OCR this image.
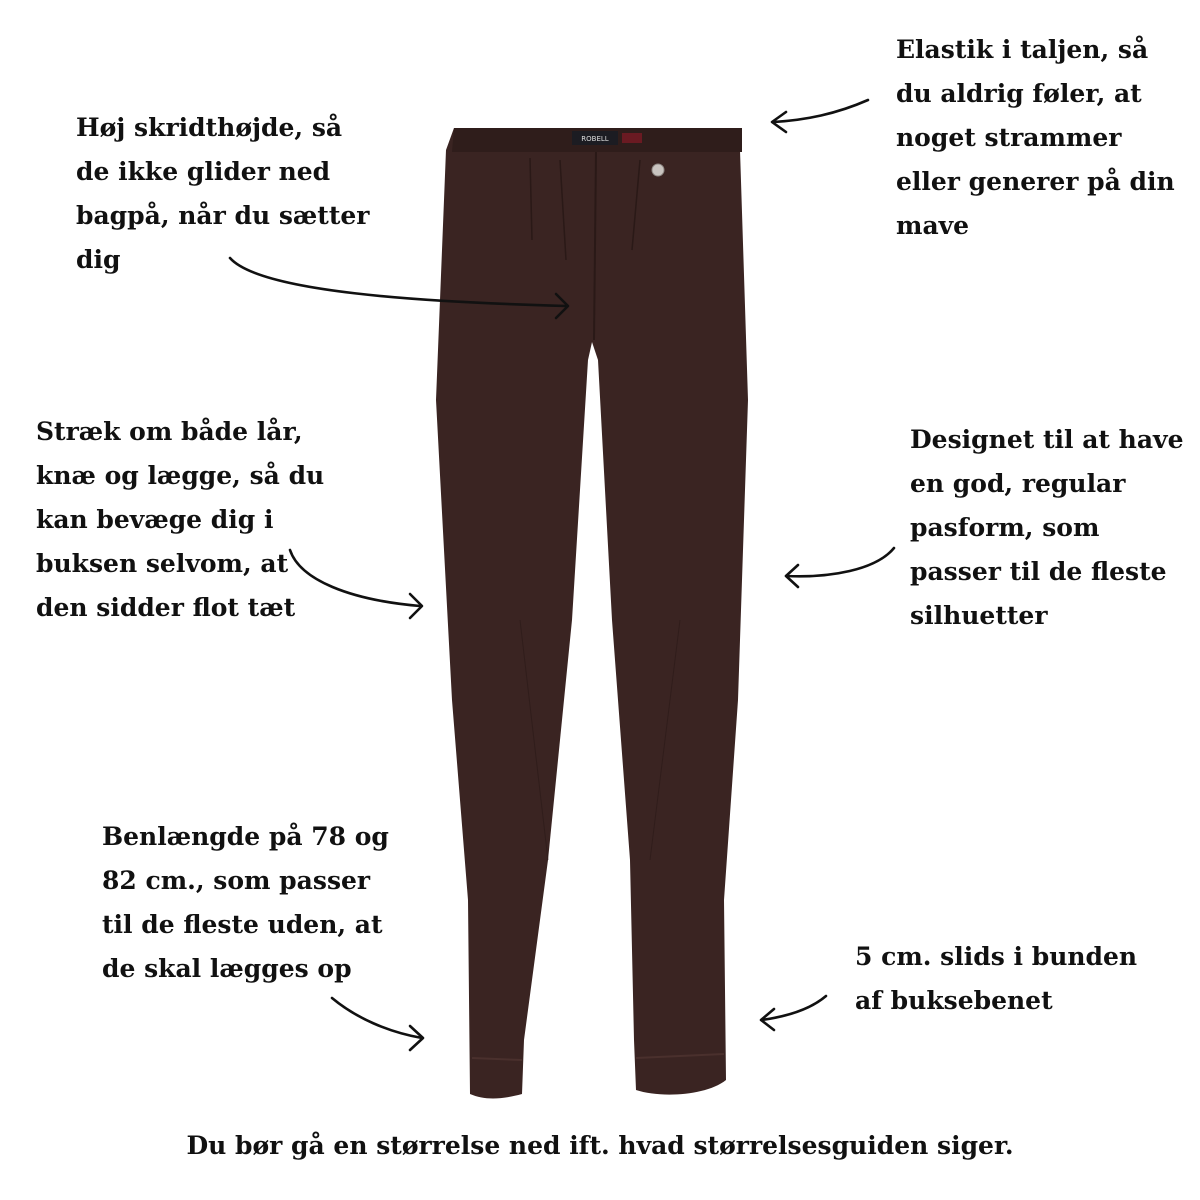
ROBELL
Elastik i taljen, så
du aldrig føler, at
noget strammer
eller generer på din
mave
Høj skridthøjde, så
de ikke glider ned
bagpå, når du sætter
dig
Stræk om både lår,
knæ og lægge, så du
kan bevæge dig i
buksen selvom, at
den sidder flot tæt
Designet til at have
en god, regular
pasform, som
passer til de fleste
silhuetter
Benlængde på 78 og
82 cm., som passer
til de fleste uden, at
de skal lægges op	5 cm. slids i bunden
af buksebenet
Du bør gå en størrelse ned ift. hvad størrelsesguiden siger.
